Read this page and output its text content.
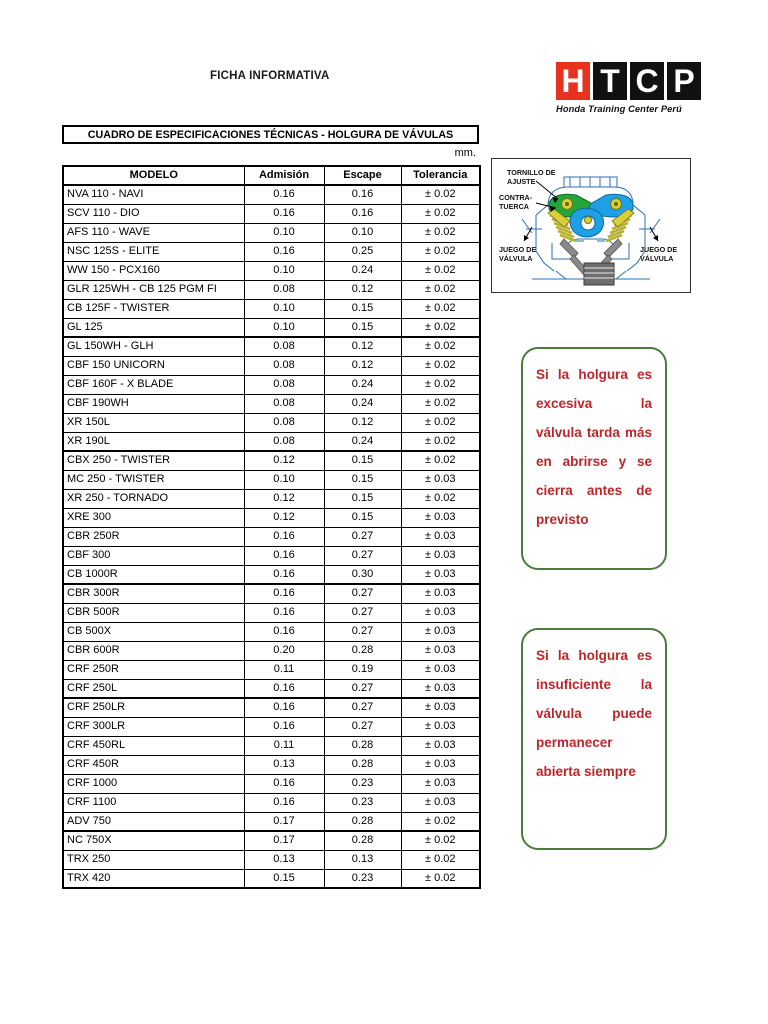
FICHA INFORMATIVA	H T C P
Honda Training Center Perú
CUADRO DE ESPECIFICACIONES TÉCNICAS - HOLGURA DE VÁVULAS
mm.
MODELO	Admisión	Escape	Tolerancia
NVA 110 - NAVI	0.16	0.16	± 0.02
SCV 110 - DIO	0.16	0.16	± 0.02
AFS 110 - WAVE	0.10	0.10	± 0.02
NSC 125S - ELITE	0.16	0.25	± 0.02
WW 150 - PCX160	0.10	0.24	± 0.02
GLR 125WH - CB 125 PGM FI	0.08	0.12	± 0.02
CB 125F - TWISTER	0.10	0.15	± 0.02
GL 125	0.10	0.15	± 0.02
GL 150WH - GLH	0.08	0.12	± 0.02
CBF 150 UNICORN	0.08	0.12	± 0.02
CBF 160F - X BLADE	0.08	0.24	± 0.02
CBF 190WH	0.08	0.24	± 0.02
XR 150L	0.08	0.12	± 0.02
XR 190L	0.08	0.24	± 0.02
CBX 250 - TWISTER	0.12	0.15	± 0.02
MC 250 - TWISTER	0.10	0.15	± 0.03
XR 250 - TORNADO	0.12	0.15	± 0.02
XRE 300	0.12	0.15	± 0.03
CBR 250R	0.16	0.27	± 0.03
CBF 300	0.16	0.27	± 0.03
CB 1000R	0.16	0.30	± 0.03
CBR 300R	0.16	0.27	± 0.03
CBR 500R	0.16	0.27	± 0.03
CB 500X	0.16	0.27	± 0.03
CBR 600R	0.20	0.28	± 0.03
CRF 250R	0.11	0.19	± 0.03
CRF 250L	0.16	0.27	± 0.03
CRF 250LR	0.16	0.27	± 0.03
CRF 300LR	0.16	0.27	± 0.03
CRF 450RL	0.11	0.28	± 0.03
CRF 450R	0.13	0.28	± 0.03
CRF 1000	0.16	0.23	± 0.03
CRF 1100	0.16	0.23	± 0.03
ADV 750	0.17	0.28	± 0.02
NC 750X	0.17	0.28	± 0.02
TRX 250	0.13	0.13	± 0.02
TRX 420	0.15	0.23	± 0.02
TORNILLO DE
AJUSTE
CONTRA-
TUERCA
JUEGO DE
VÁLVULA
JUEGO DE
VÁLVULA
Si la holgura es excesiva la válvula tarda más en abrirse y se cierra antes de previsto
Si la holgura es insuficiente la válvula puede permanecer abierta siempre
